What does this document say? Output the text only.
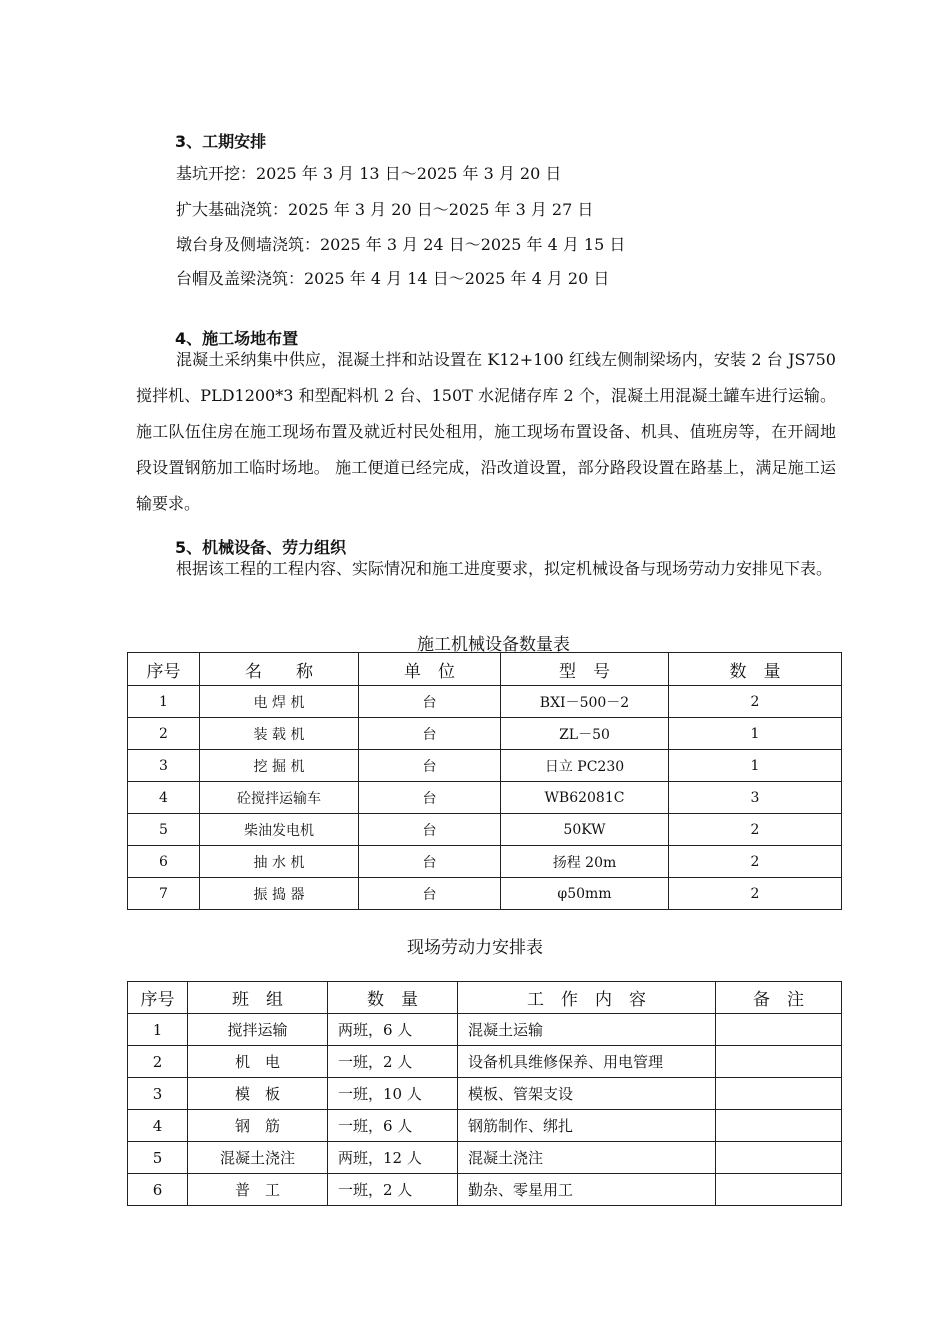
3、工期安排
基坑开挖：2025 年 3 月 13 日～2025 年 3 月 20 日
扩大基础浇筑：2025 年 3 月 20 日～2025 年 3 月 27 日
墩台身及侧墙浇筑：2025 年 3 月 24 日～2025 年 4 月 15 日
台帽及盖梁浇筑：2025 年 4 月 14 日～2025 年 4 月 20 日
4、施工场地布置
混凝土采纳集中供应，混凝土拌和站设置在 K12+100 红线左侧制梁场内，安装 2 台 JS750 搅拌机、PLD1200*3 和型配料机 2 台、150T 水泥储存库 2 个，混凝土用混凝土罐车进行运输。施工队伍住房在施工现场布置及就近村民处租用，施工现场布置设备、机具、值班房等，在开阔地段设置钢筋加工临时场地。 施工便道已经完成，沿改道设置，部分路段设置在路基上，满足施工运输要求。
5、机械设备、劳力组织
根据该工程的工程内容、实际情况和施工进度要求，拟定机械设备与现场劳动力安排见下表。
施工机械设备数量表
序号	名　　称	单　位	型　号	数　量
1	电 焊 机	台	BXI－500－2	2
2	装 载 机	台	ZL－50	1
3	挖 掘 机	台	日立 PC230	1
4	砼搅拌运输车	台	WB62081C	3
5	柴油发电机	台	50KW	2
6	抽 水 机	台	扬程 20m	2
7	振 捣 器	台	φ50mm	2
现场劳动力安排表
序号	班　组	数　量	工　作　内　容	备　注
1	搅拌运输	两班，6 人	混凝土运输	
2	机　电	一班，2 人	设备机具维修保养、用电管理	
3	模　板	一班，10 人	模板、管架支设	
4	钢　筋	一班，6 人	钢筋制作、绑扎	
5	混凝土浇注	两班，12 人	混凝土浇注	
6	普　工	一班，2 人	勤杂、零星用工	
